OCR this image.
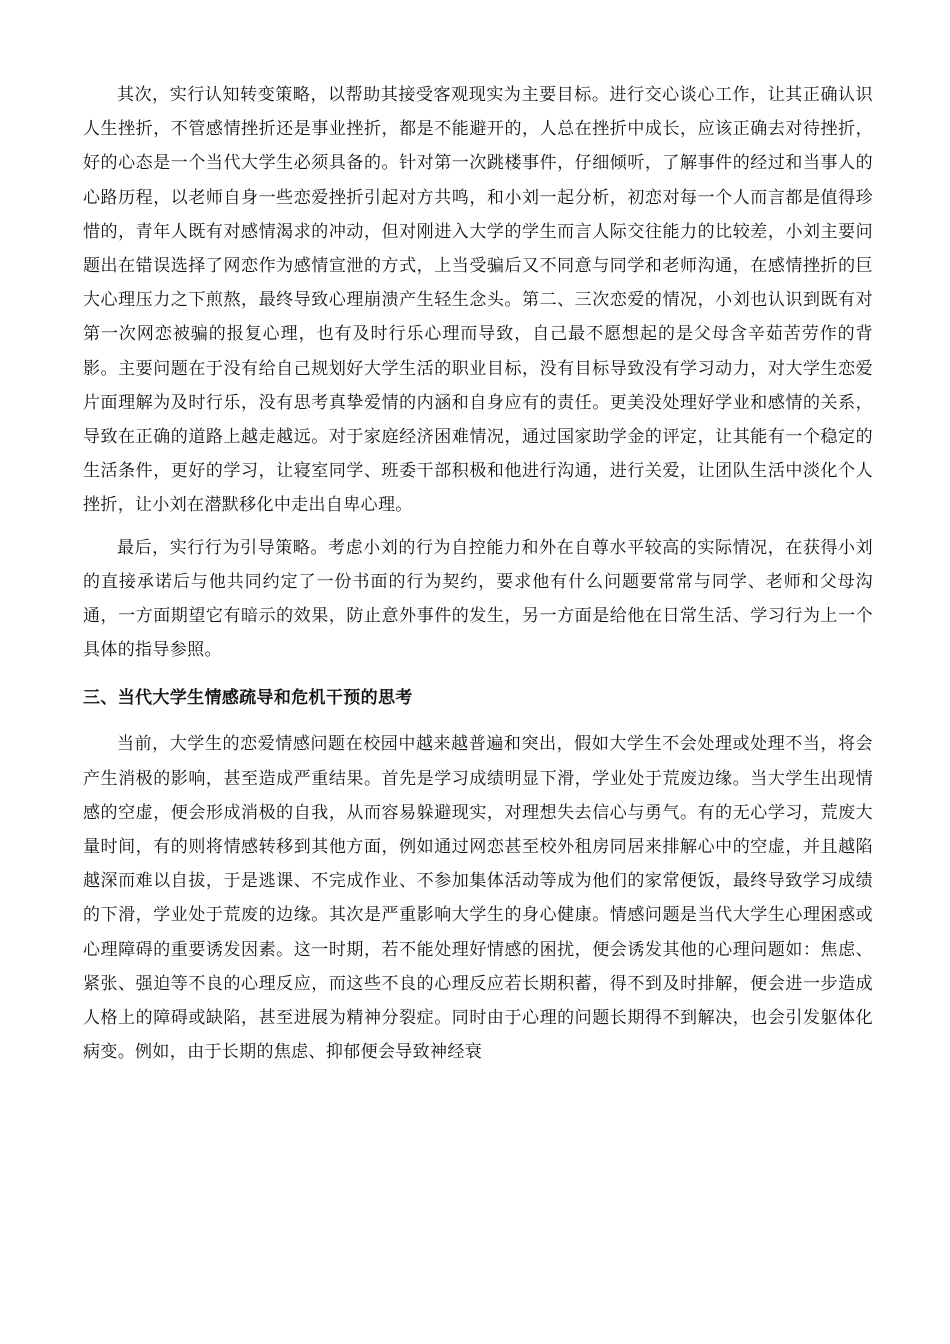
其次，实行认知转变策略，以帮助其接受客观现实为主要目标。进行交心谈心工作，让其正确认识人生挫折，不管感情挫折还是事业挫折，都是不能避开的，人总在挫折中成长，应该正确去对待挫折，好的心态是一个当代大学生必须具备的。针对第一次跳楼事件，仔细倾听，了解事件的经过和当事人的心路历程，以老师自身一些恋爱挫折引起对方共鸣，和小刘一起分析，初恋对每一个人而言都是值得珍惜的，青年人既有对感情渴求的冲动，但对刚进入大学的学生而言人际交往能力的比较差，小刘主要问题出在错误选择了网恋作为感情宣泄的方式，上当受骗后又不同意与同学和老师沟通，在感情挫折的巨大心理压力之下煎熬，最终导致心理崩溃产生轻生念头。第二、三次恋爱的情况，小刘也认识到既有对第一次网恋被骗的报复心理，也有及时行乐心理而导致，自己最不愿想起的是父母含辛茹苦劳作的背影。主要问题在于没有给自己规划好大学生活的职业目标，没有目标导致没有学习动力，对大学生恋爱片面理解为及时行乐，没有思考真挚爱情的内涵和自身应有的责任。更美没处理好学业和感情的关系，导致在正确的道路上越走越远。对于家庭经济困难情况，通过国家助学金的评定，让其能有一个稳定的生活条件，更好的学习，让寝室同学、班委干部积极和他进行沟通，进行关爱，让团队生活中淡化个人挫折，让小刘在潜默移化中走出自卑心理。

最后，实行行为引导策略。考虑小刘的行为自控能力和外在自尊水平较高的实际情况，在获得小刘的直接承诺后与他共同约定了一份书面的行为契约，要求他有什么问题要常常与同学、老师和父母沟通，一方面期望它有暗示的效果，防止意外事件的发生，另一方面是给他在日常生活、学习行为上一个具体的指导参照。

三、当代大学生情感疏导和危机干预的思考

当前，大学生的恋爱情感问题在校园中越来越普遍和突出，假如大学生不会处理或处理不当，将会产生消极的影响，甚至造成严重结果。首先是学习成绩明显下滑，学业处于荒废边缘。当大学生出现情感的空虚，便会形成消极的自我，从而容易躲避现实，对理想失去信心与勇气。有的无心学习，荒废大量时间，有的则将情感转移到其他方面，例如通过网恋甚至校外租房同居来排解心中的空虚，并且越陷越深而难以自拔，于是逃课、不完成作业、不参加集体活动等成为他们的家常便饭，最终导致学习成绩的下滑，学业处于荒废的边缘。其次是严重影响大学生的身心健康。情感问题是当代大学生心理困惑或心理障碍的重要诱发因素。这一时期，若不能处理好情感的困扰，便会诱发其他的心理问题如：焦虑、紧张、强迫等不良的心理反应，而这些不良的心理反应若长期积蓄，得不到及时排解，便会进一步造成人格上的障碍或缺陷，甚至进展为精神分裂症。同时由于心理的问题长期得不到解决，也会引发躯体化病变。例如，由于长期的焦虑、抑郁便会导致神经衰
